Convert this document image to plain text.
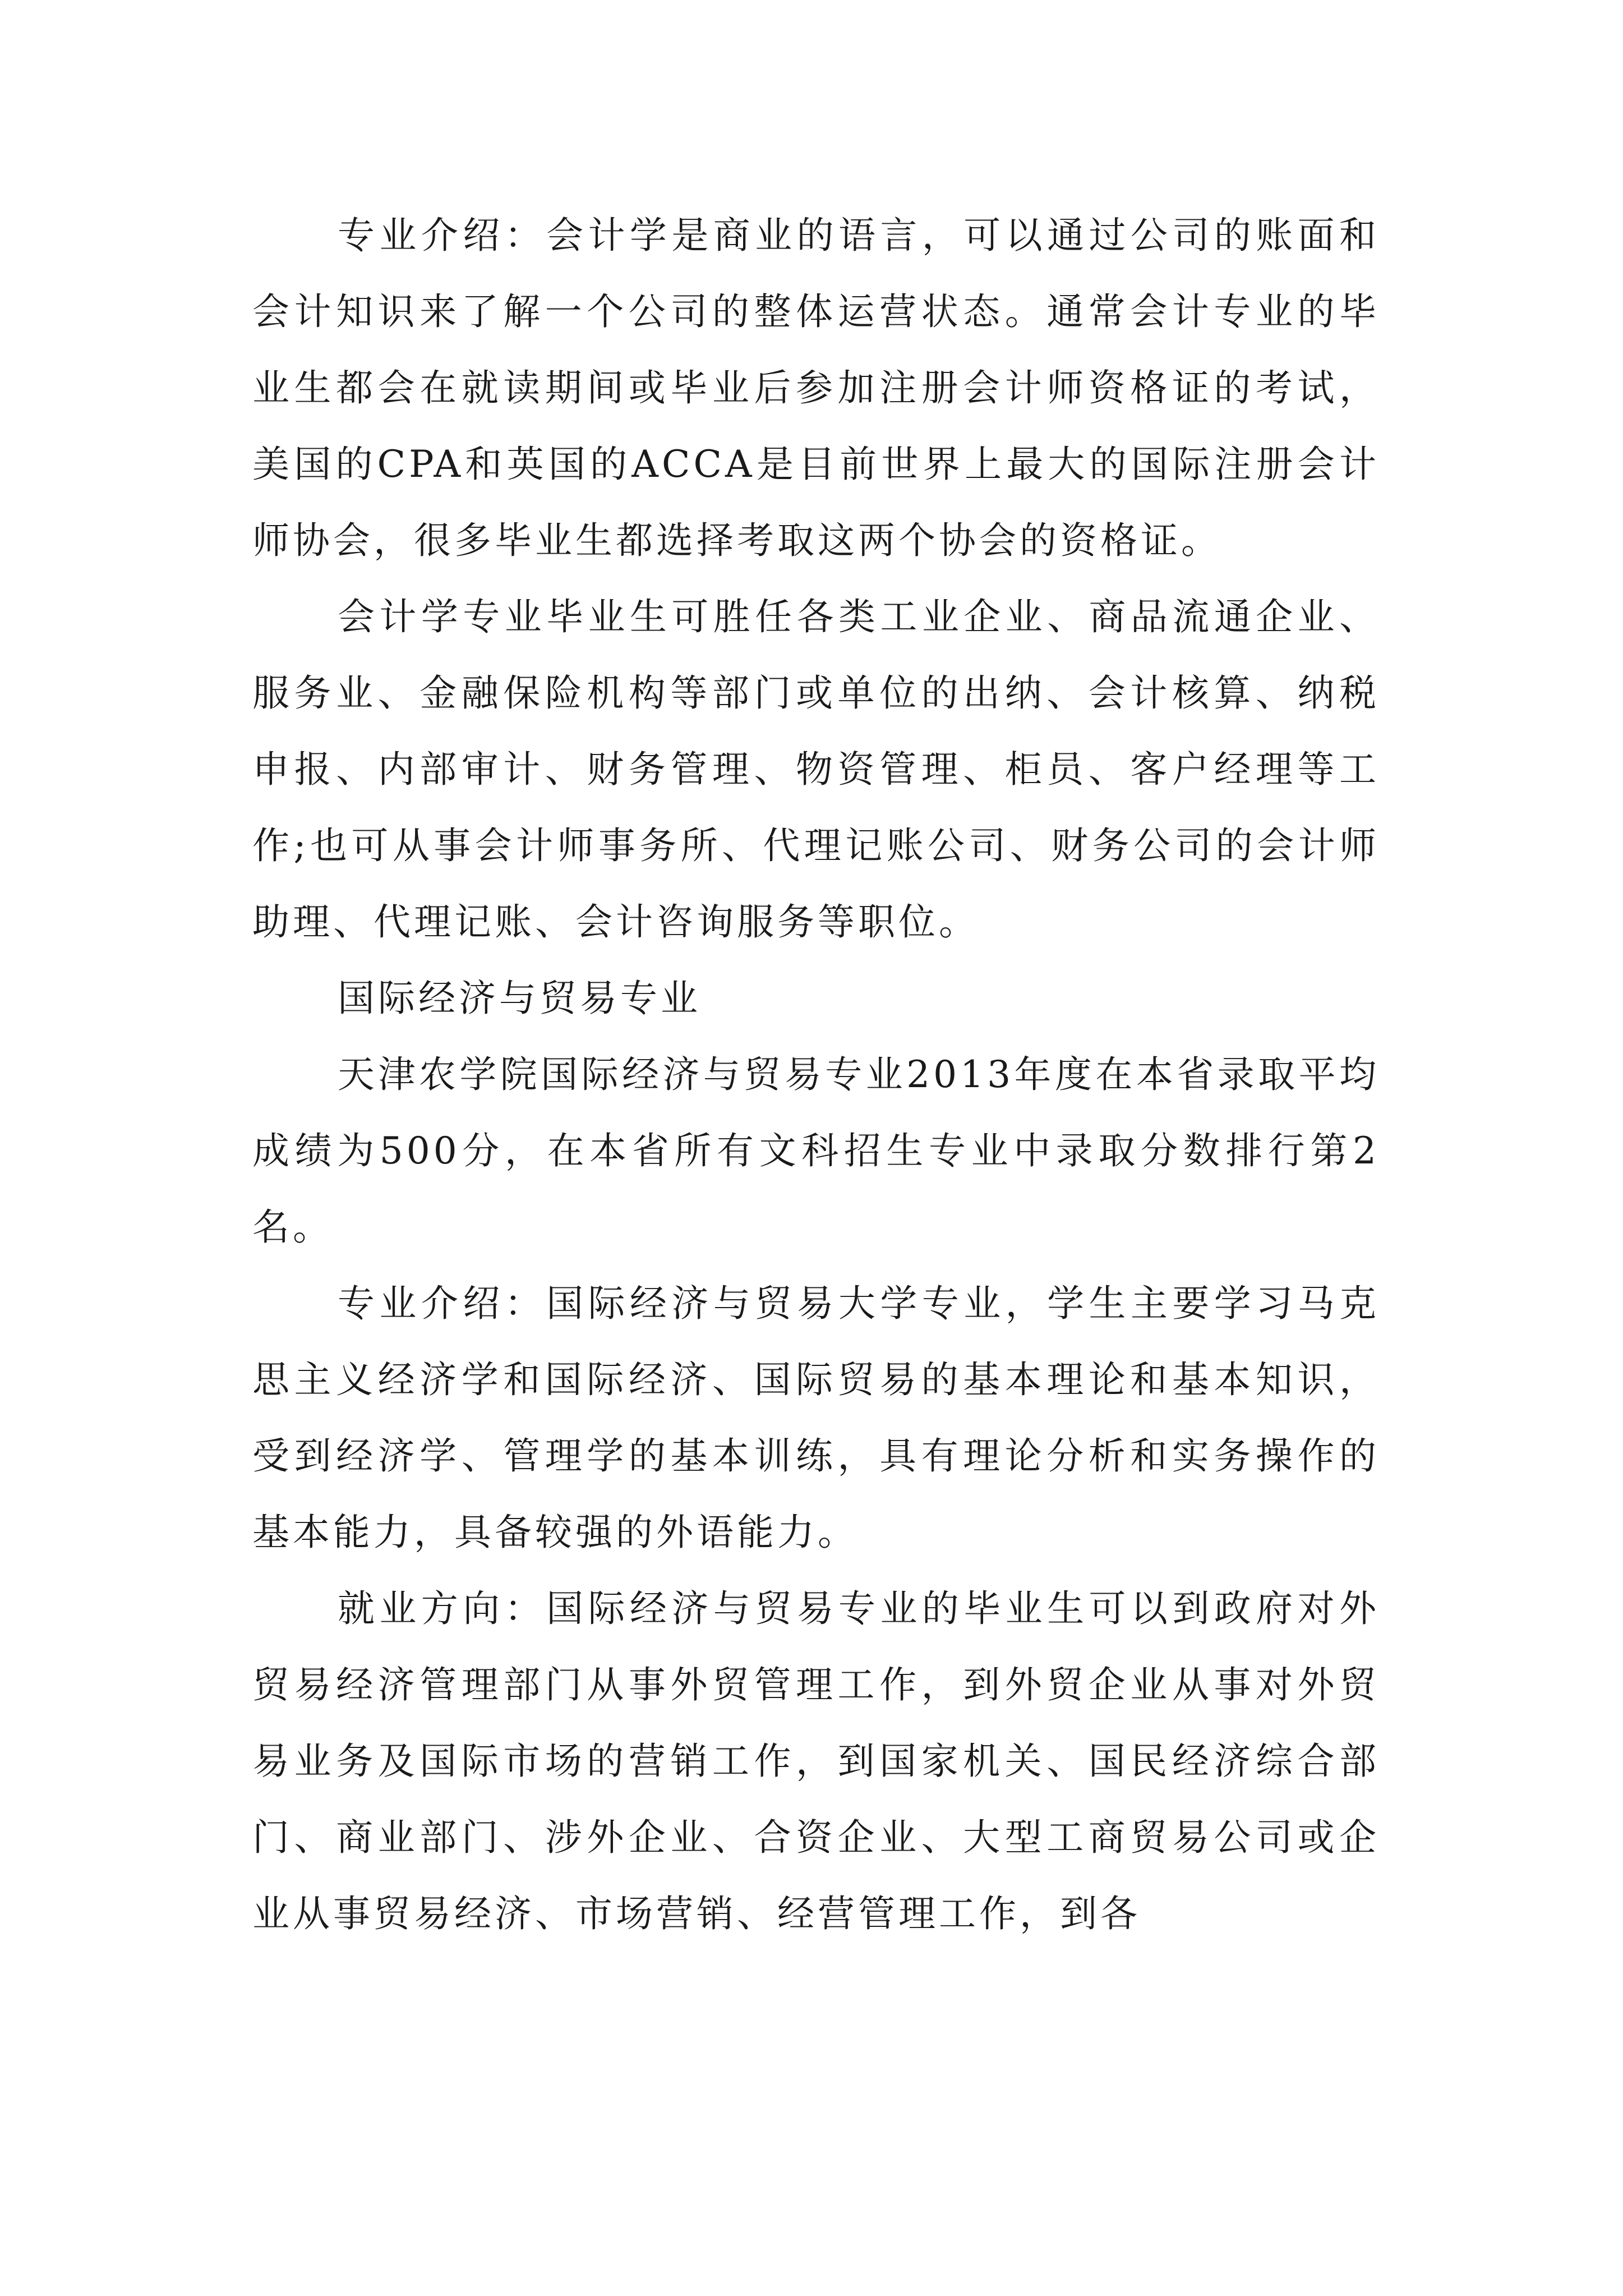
专业介绍：会计学是商业的语言，可以通过公司的账面和会计知识来了解一个公司的整体运营状态。通常会计专业的毕业生都会在就读期间或毕业后参加注册会计师资格证的考试，美国的CPA和英国的ACCA是目前世界上最大的国际注册会计师协会，很多毕业生都选择考取这两个协会的资格证。

会计学专业毕业生可胜任各类工业企业、商品流通企业、服务业、金融保险机构等部门或单位的出纳、会计核算、纳税申报、内部审计、财务管理、物资管理、柜员、客户经理等工作;也可从事会计师事务所、代理记账公司、财务公司的会计师助理、代理记账、会计咨询服务等职位。

国际经济与贸易专业

天津农学院国际经济与贸易专业2013年度在本省录取平均成绩为500分，在本省所有文科招生专业中录取分数排行第2名。

专业介绍：国际经济与贸易大学专业，学生主要学习马克思主义经济学和国际经济、国际贸易的基本理论和基本知识，受到经济学、管理学的基本训练，具有理论分析和实务操作的基本能力，具备较强的外语能力。

就业方向：国际经济与贸易专业的毕业生可以到政府对外贸易经济管理部门从事外贸管理工作，到外贸企业从事对外贸易业务及国际市场的营销工作，到国家机关、国民经济综合部门、商业部门、涉外企业、合资企业、大型工商贸易公司或企业从事贸易经济、市场营销、经营管理工作，到各
